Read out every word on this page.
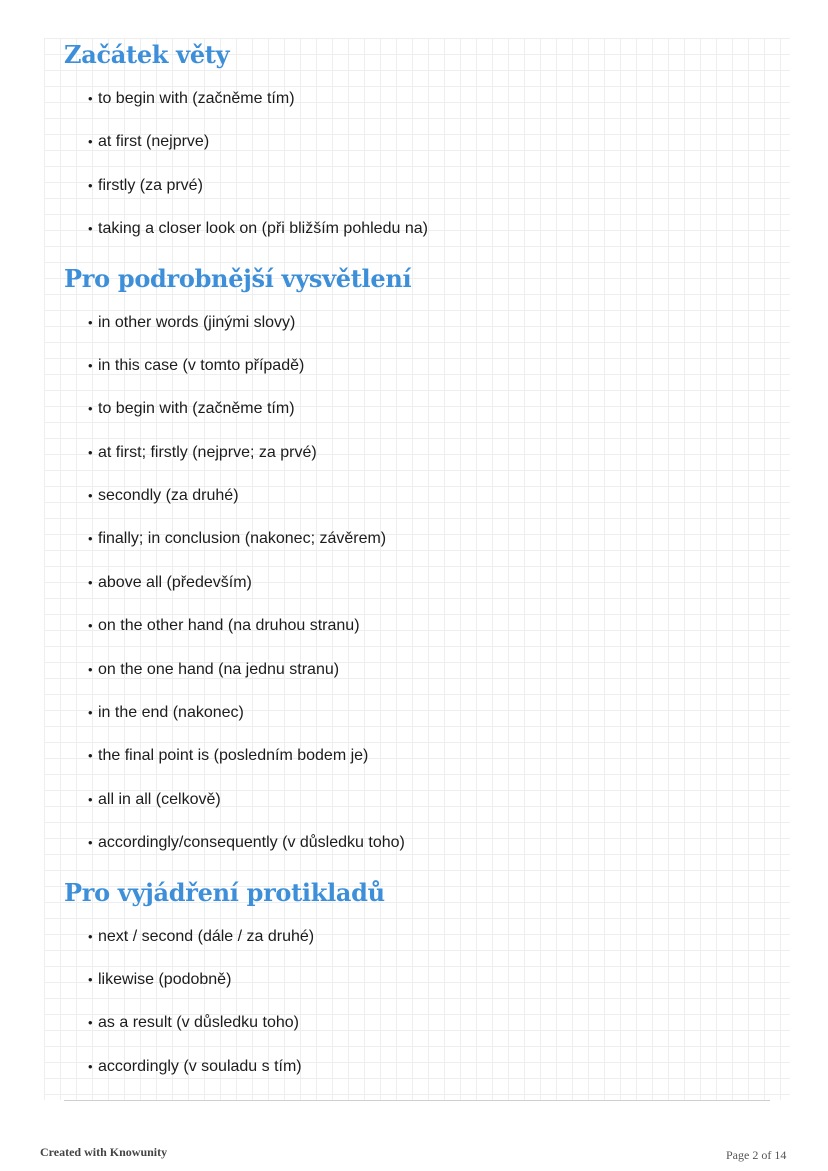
Začátek věty
• to begin with (začněme tím)
• at first (nejprve)
• firstly (za prvé)
• taking a closer look on (při bližším pohledu na)
Pro podrobnější vysvětlení
• in other words (jinými slovy)
• in this case (v tomto případě)
• to begin with (začněme tím)
• at first; firstly (nejprve; za prvé)
• secondly (za druhé)
• finally; in conclusion (nakonec; závěrem)
• above all (především)
• on the other hand (na druhou stranu)
• on the one hand (na jednu stranu)
• in the end (nakonec)
• the final point is (posledním bodem je)
• all in all (celkově)
• accordingly/consequently (v důsledku toho)
Pro vyjádření protikladů
• next / second (dále / za druhé)
• likewise (podobně)
• as a result (v důsledku toho)
• accordingly (v souladu s tím)
Created with Knowunity	Page 2 of 14
